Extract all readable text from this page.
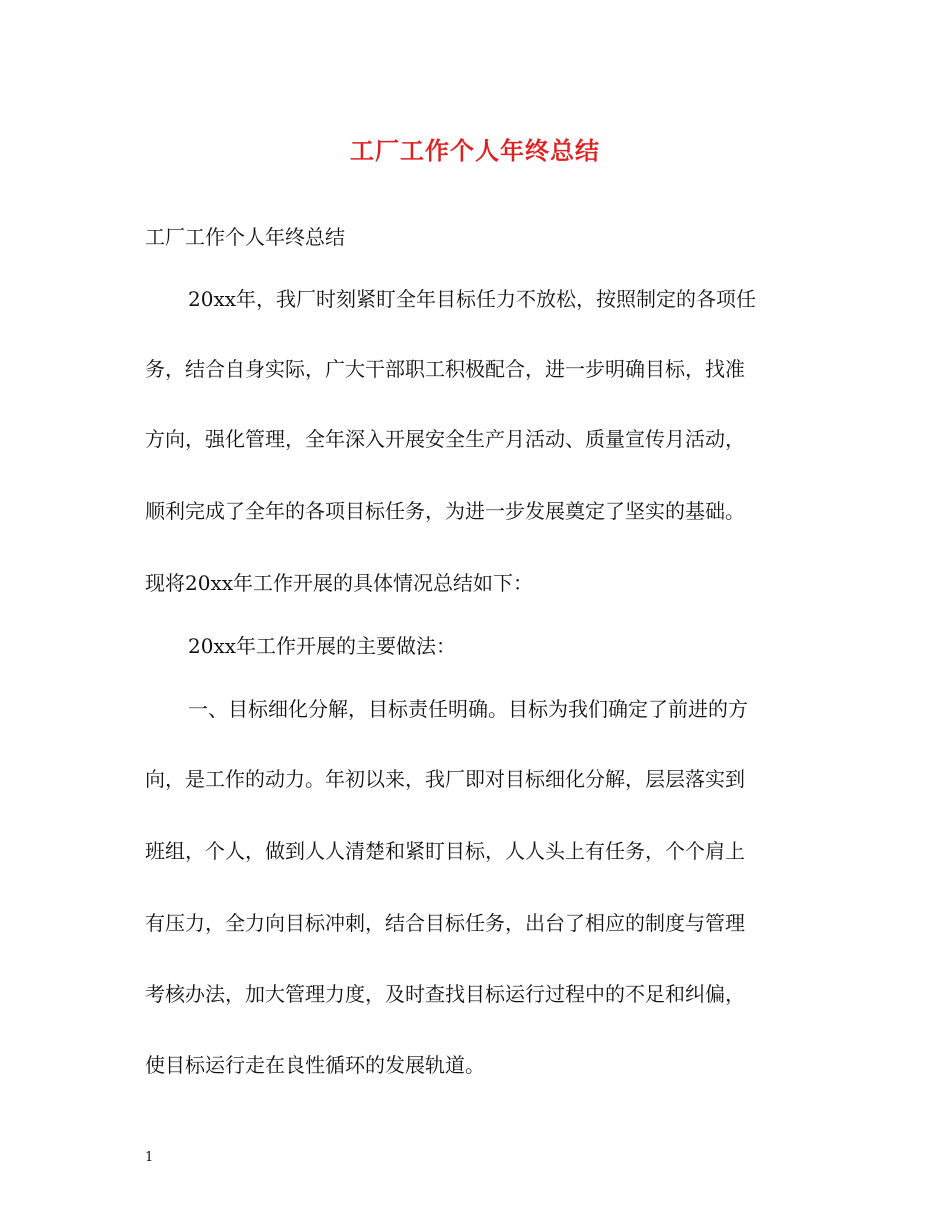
工厂工作个人年终总结
工厂工作个人年终总结
20xx年，我厂时刻紧盯全年目标任力不放松，按照制定的各项任
务，结合自身实际，广大干部职工积极配合，进一步明确目标，找准
方向，强化管理，全年深入开展安全生产月活动、质量宣传月活动，
顺利完成了全年的各项目标任务，为进一步发展奠定了坚实的基础。
现将20xx年工作开展的具体情况总结如下：
20xx年工作开展的主要做法：
一、目标细化分解，目标责任明确。目标为我们确定了前进的方
向，是工作的动力。年初以来，我厂即对目标细化分解，层层落实到
班组，个人，做到人人清楚和紧盯目标，人人头上有任务，个个肩上
有压力，全力向目标冲刺，结合目标任务，出台了相应的制度与管理
考核办法，加大管理力度，及时查找目标运行过程中的不足和纠偏，
使目标运行走在良性循环的发展轨道。
1
